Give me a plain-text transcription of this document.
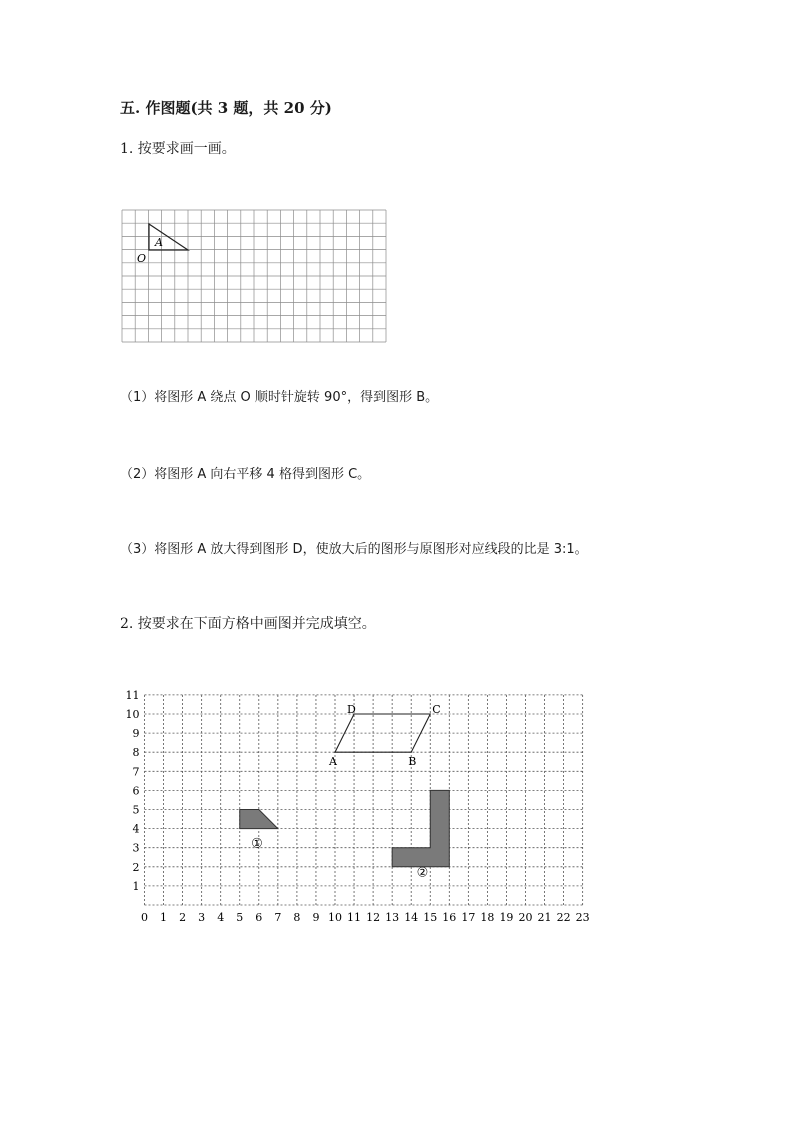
五. 作图题(共 3 题，共 20 分)
1. 按要求画一画。
A
O
（1）将图形 A 绕点 O 顺时针旋转 90°，得到图形 B。
（2）将图形 A 向右平移 4 格得到图形 C。
（3）将图形 A 放大得到图形 D，使放大后的图形与原图形对应线段的比是 3:1。
2. 按要求在下面方格中画图并完成填空。
A	B
C
D
①
②
0 1 2 3 4 5 6 7 8 9 10 11 12 13 14 15 16 17 18 19 20 21 22 23
1
2
3
4
5
6
7
8
9
10
11
